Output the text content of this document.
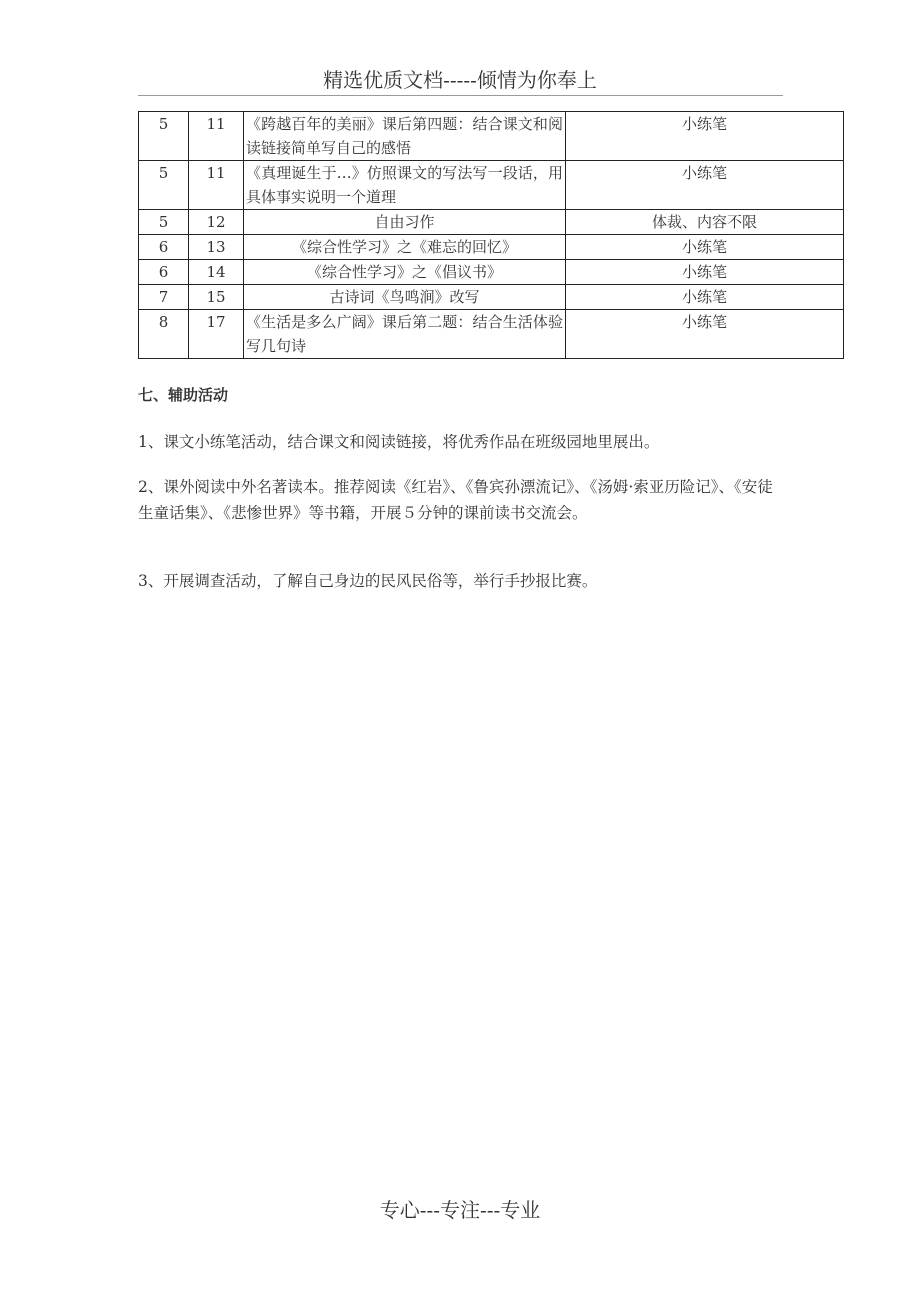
精选优质文档-----倾情为你奉上
5	11	《跨越百年的美丽》课后第四题：结合课文和阅读链接简单写自己的感悟	小练笔
5	11	《真理诞生于…》仿照课文的写法写一段话，用具体事实说明一个道理	小练笔
5	12	自由习作	体裁、内容不限
6	13	《综合性学习》之《难忘的回忆》	小练笔
6	14	《综合性学习》之《倡议书》	小练笔
7	15	古诗词《鸟鸣涧》改写	小练笔
8	17	《生活是多么广阔》课后第二题：结合生活体验写几句诗	小练笔
七、辅助活动
1、课文小练笔活动，结合课文和阅读链接，将优秀作品在班级园地里展出。
2、课外阅读中外名著读本。推荐阅读《红岩》、《鲁宾孙漂流记》、《汤姆·索亚历险记》、《安徒生童话集》、《悲惨世界》等书籍，开展５分钟的课前读书交流会。
3、开展调查活动，了解自己身边的民风民俗等，举行手抄报比赛。
专心---专注---专业
